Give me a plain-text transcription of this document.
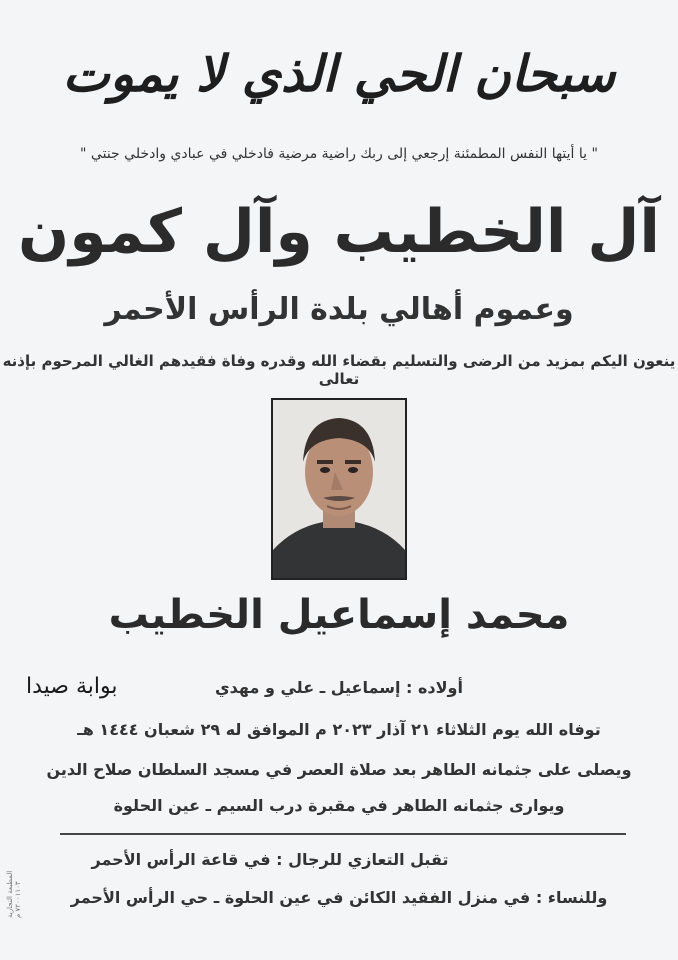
سبحان الحي الذي لا يموت
" يا أيتها النفس المطمئنة إرجعي إلى ربك راضية مرضية فادخلي في عبادي وادخلي جنتي "
آل الخطيب وآل كمون
وعموم أهالي بلدة الرأس الأحمر
ينعون اليكم بمزيد من الرضى والتسليم بقضاء الله وقدره وفاة فقيدهم الغالي المرحوم بإذنه تعالى
محمد إسماعيل الخطيب
بوابة صيدا	أولاده : إسماعيل ـ علي و مهدي
توفاه الله يوم الثلاثاء ٢١ آذار ٢٠٢٣ م الموافق له ٢٩ شعبان ١٤٤٤ هـ
ويصلى على جثمانه الطاهر بعد صلاة العصر في مسجد السلطان صلاح الدين
ويوارى جثمانه الطاهر في مقبرة درب السيم ـ عين الحلوة
تقبل التعازي للرجال : في قاعة الرأس الأحمر
وللنساء : في منزل الفقيد الكائن في عين الحلوة ـ حي الرأس الأحمر
المطبعة التجارية ٧٢٠٠١١٠٣ م
